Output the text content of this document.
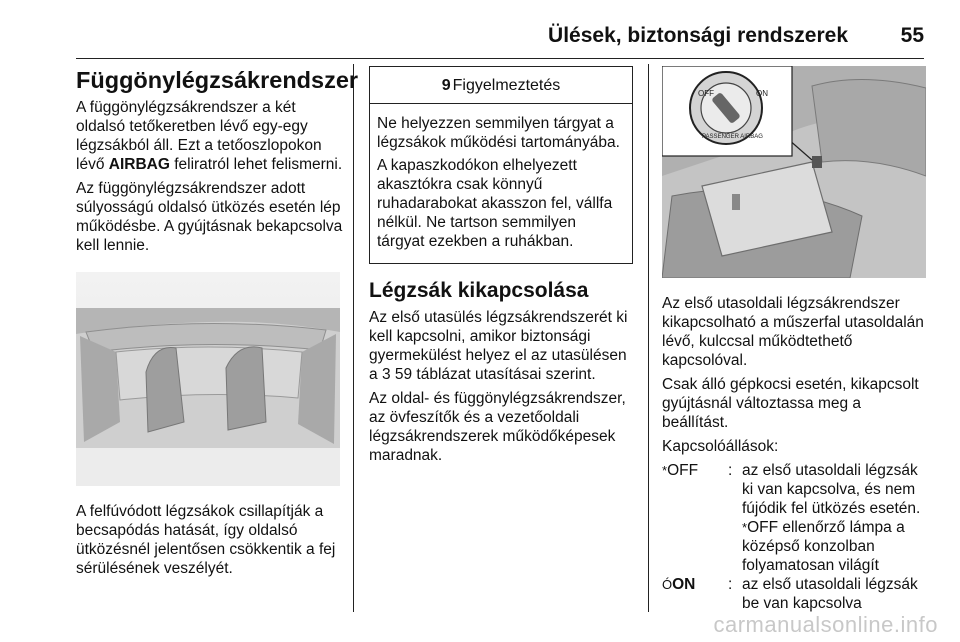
Ülések, biztonsági rendszerek	55
Függönylégzsákrendszer

A függönylégzsákrendszer a két oldalsó tetőkeretben lévő egy-egy légzsákból áll. Ezt a tetőoszlopokon lévő AIRBAG feliratról lehet felismerni.

Az függönylégzsákrendszer adott súlyosságú oldalsó ütközés esetén lép működésbe. A gyújtásnak bekapcsolva kell lennie.

A felfúvódott légzsákok csillapítják a becsapódás hatását, így oldalsó ütközésnél jelentősen csökkentik a fej sérülésének veszélyét.

9 Figyelmeztetés

Ne helyezzen semmilyen tárgyat a légzsákok működési tartományába.

A kapaszkodókon elhelyezett akasztókra csak könnyű ruhadarabokat akasszon fel, vállfa nélkül. Ne tartson semmilyen tárgyat ezekben a ruhákban.

Légzsák kikapcsolása

Az első utasülés légzsákrendszerét ki kell kapcsolni, amikor biztonsági gyermekülést helyez el az utasülésen a 3 59 táblázat utasításai szerint.

Az oldal- és függönylégzsákrendszer, az övfeszítők és a vezetőoldali légzsákrendszerek működőképesek maradnak.

OFF	ON
PASSENGER AIRBAG

Az első utasoldali légzsákrendszer kikapcsolható a műszerfal utasoldalán lévő, kulccsal működtethető kapcsolóval.

Csak álló gépkocsi esetén, kikapcsolt gyújtásnál változtassa meg a beállítást.

Kapcsolóállások:

*OFF	: az első utasoldali légzsák ki van kapcsolva, és nem fújódik fel ütközés esetén.
*OFF ellenőrző lámpa a középső konzolban folyamatosan világít
ÓON	: az első utasoldali légzsák be van kapcsolva
carmanualsonline.info
